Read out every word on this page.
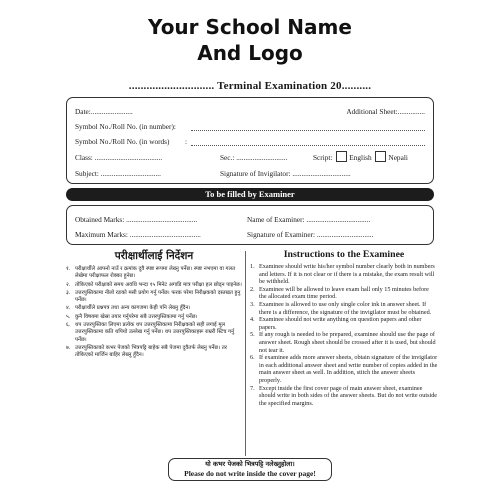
Your School Name
And Logo
............................. Terminal Examination 20..........
Date:.......................	Additional Sheet:...............
Symbol No./Roll No. (in number):
Symbol No./Roll No. (in words) :
Class: .....................................	Sec.: ............................	Script: English Nepali
Subject: .................................	Signature of Invigilator: ................................
To be filled by Examiner
Obtained Marks: .......................................
Maximum Marks: .......................................
Name of Examiner: ...................................
Signature of Examiner: ...............................
परीक्षार्थीलाई निर्देशन
१. परीक्षार्थीले आफ्नो नाउँ र क्रमांक दुवै स्पष्ट रूपमा लेख्नु पर्नेछ। स्पष्ट नभएमा वा गलत लेखेमा परीक्षाफल रोक्का हुनेछ।
२. तोकिएको परीक्षाको समय अवधि भन्दा १५ मिनेट अगाडि मात्र परीक्षा हल छोड्न पाइनेछ।
३. उत्तरपुस्तिकामा नीलो रङको मसी प्रयोग गर्नु पर्नेछ। फरक परेमा निरीक्षकको दस्तखत हुनु पर्नेछ।
४. परीक्षार्थीले प्रश्नपत्र तथा अन्य कागजमा केही पनि लेख्नु हुँदैन।
५. कुनै विषयमा खेस्रा तयार गर्नुपरेमा सबै उत्तरपुस्तिकामा गर्नु पर्नेछ।
६. थप उत्तरपुस्तिका लिएमा प्रत्येक थप उत्तरपुस्तिकामा निरीक्षकको सही लगाई मूल उत्तरपुस्तिकामा कति थपियो उल्लेख गर्नु पर्नेछ। थप उत्तरपुस्तिकाहरू राम्ररी स्टिच गर्नु पर्नेछ।
७. उत्तरपुस्तिकाको कभर पेजको भित्रपट्टि बाहेक सबै पेजमा दुवैतर्फ लेख्नु पर्नेछ। तर तोकिएको मार्जिन बाहिर लेख्नु हुँदैन।
Instructions to the Examinee
1. Examinee should write his/her symbol number clearly both in numbers and letters. If it is not clear or if there is a mistake, the exam result will be withheld.
2. Examinee will be allowed to leave exam hall only 15 minutes before the allocated exam time period.
3. Examinee is allowed to use only single color ink in answer sheet. If there is a difference, the signature of the invigilator must be obtained.
4. Examinee should not write anything on question papers and other papers.
5. If any rough is needed to be prepared, examinee should use the page of answer sheet. Rough sheet should be crossed after it is used, but should not tear it.
6. If examinee adds more answer sheets, obtain signature of the invigilator in each additional answer sheet and write number of copies added in the main answer sheet as well. In addition, stitch the answer sheets properly.
7. Except inside the first cover page of main answer sheet, examinee should write in both sides of the answer sheets. But do not write outside the specified margins.
यो कभर पेजको भित्रपट्टि नलेख्नुहोला।
Please do not write inside the cover page!
